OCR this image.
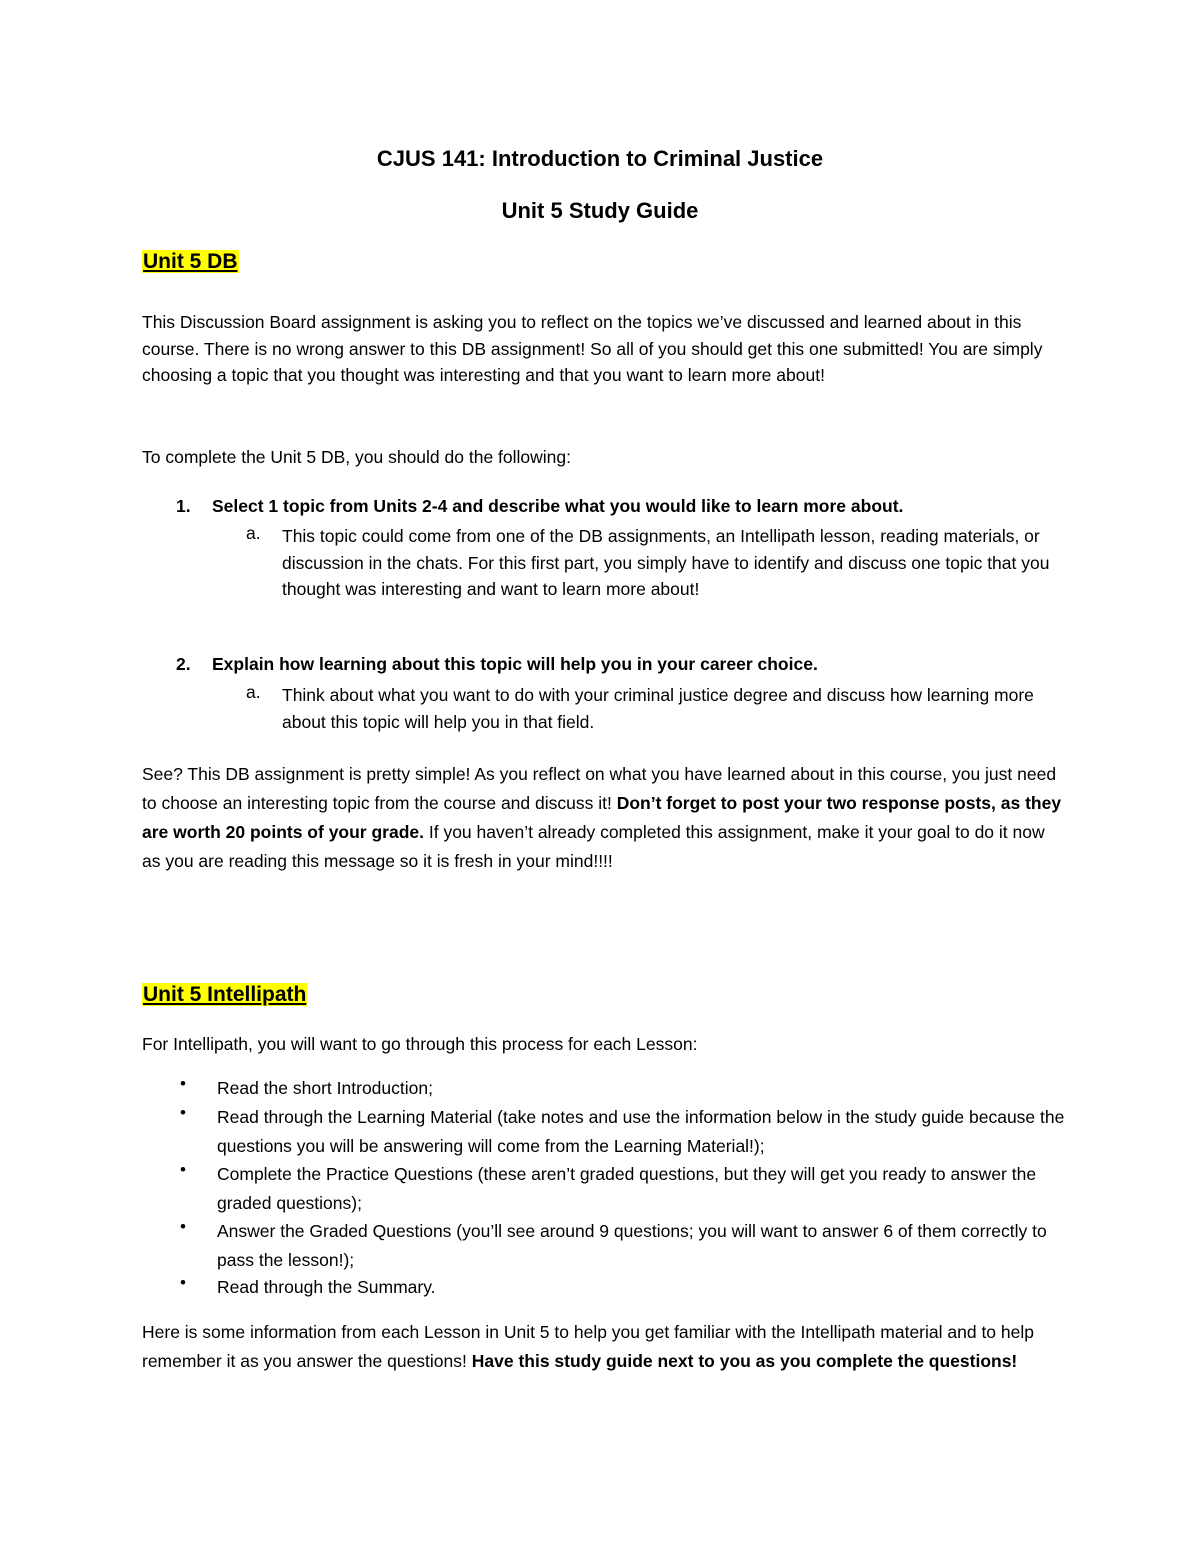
CJUS 141: Introduction to Criminal Justice
Unit 5 Study Guide
Unit 5 DB
This Discussion Board assignment is asking you to reflect on the topics we’ve discussed and learned about in this course. There is no wrong answer to this DB assignment! So all of you should get this one submitted! You are simply choosing a topic that you thought was interesting and that you want to learn more about!
To complete the Unit 5 DB, you should do the following:
1. Select 1 topic from Units 2-4 and describe what you would like to learn more about.
a. This topic could come from one of the DB assignments, an Intellipath lesson, reading materials, or discussion in the chats. For this first part, you simply have to identify and discuss one topic that you thought was interesting and want to learn more about!
2. Explain how learning about this topic will help you in your career choice.
a. Think about what you want to do with your criminal justice degree and discuss how learning more about this topic will help you in that field.
See? This DB assignment is pretty simple! As you reflect on what you have learned about in this course, you just need to choose an interesting topic from the course and discuss it! Don’t forget to post your two response posts, as they are worth 20 points of your grade. If you haven’t already completed this assignment, make it your goal to do it now as you are reading this message so it is fresh in your mind!!!!
Unit 5 Intellipath
For Intellipath, you will want to go through this process for each Lesson:
• Read the short Introduction;
• Read through the Learning Material (take notes and use the information below in the study guide because the questions you will be answering will come from the Learning Material!);
• Complete the Practice Questions (these aren’t graded questions, but they will get you ready to answer the graded questions);
• Answer the Graded Questions (you’ll see around 9 questions; you will want to answer 6 of them correctly to pass the lesson!);
• Read through the Summary.
Here is some information from each Lesson in Unit 5 to help you get familiar with the Intellipath material and to help remember it as you answer the questions! Have this study guide next to you as you complete the questions!
